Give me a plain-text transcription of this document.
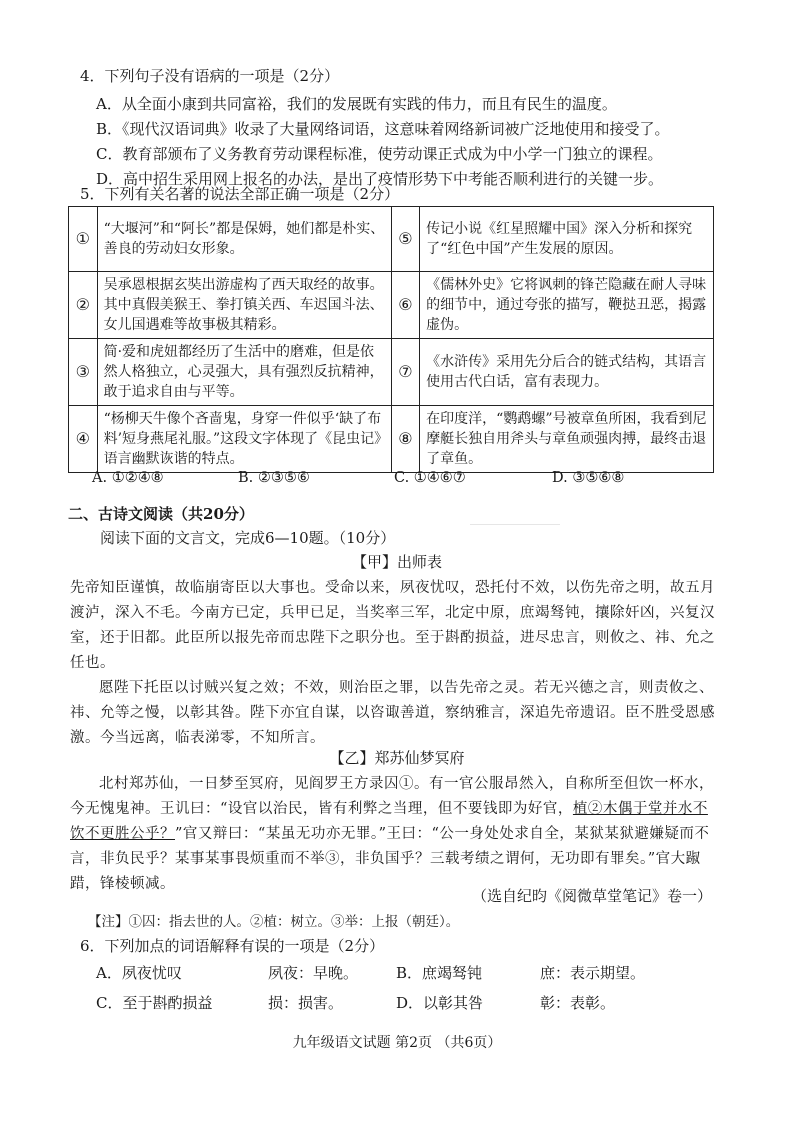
4．下列句子没有语病的一项是（2分）
A．从全面小康到共同富裕，我们的发展既有实践的伟力，而且有民生的温度。
B．《现代汉语词典》收录了大量网络词语，这意味着网络新词被广泛地使用和接受了。
C．教育部颁布了义务教育劳动课程标准，使劳动课正式成为中小学一门独立的课程。
D．高中招生采用网上报名的办法，是出了疫情形势下中考能否顺利进行的关键一步。
5．下列有关名著的说法全部正确一项是（2分）
①	“大堰河”和“阿长”都是保姆，她们都是朴实、善良的劳动妇女形象。	⑤	传记小说《红星照耀中国》深入分析和探究了“红色中国”产生发展的原因。
②	吴承恩根据玄奘出游虚构了西天取经的故事。其中真假美猴王、拳打镇关西、车迟国斗法、女儿国遇难等故事极其精彩。	⑥	《儒林外史》它将讽刺的锋芒隐藏在耐人寻味的细节中，通过夸张的描写，鞭挞丑恶，揭露虚伪。
③	简·爱和虎妞都经历了生活中的磨难，但是依然人格独立，心灵强大，具有强烈反抗精神，敢于追求自由与平等。	⑦	《水浒传》采用先分后合的链式结构，其语言使用古代白话，富有表现力。
④	“杨柳天牛像个吝啬鬼，身穿一件似乎‘缺了布料’短身燕尾礼服。”这段文字体现了《昆虫记》语言幽默诙谐的特点。	⑧	在印度洋，“鹦鹉螺”号被章鱼所困，我看到尼摩艇长独自用斧头与章鱼顽强肉搏，最终击退了章鱼。
A. ①②④⑧	B. ②③⑤⑥	C. ①④⑥⑦	D. ③⑤⑥⑧
二、古诗文阅读（共20分）
阅读下面的文言文，完成6—10题。（10分）
【甲】出师表
先帝知臣谨慎，故临崩寄臣以大事也。受命以来，夙夜忧叹，恐托付不效，以伤先帝之明，故五月渡泸，深入不毛。今南方已定，兵甲已足，当奖率三军，北定中原，庶竭驽钝，攘除奸凶，兴复汉室，还于旧都。此臣所以报先帝而忠陛下之职分也。至于斟酌损益，进尽忠言，则攸之、祎、允之任也。
愿陛下托臣以讨贼兴复之效；不效，则治臣之罪，以告先帝之灵。若无兴德之言，则责攸之、祎、允等之慢，以彰其咎。陛下亦宜自谋，以咨诹善道，察纳雅言，深追先帝遗诏。臣不胜受恩感激。今当远离，临表涕零，不知所言。
【乙】郑苏仙梦冥府
北村郑苏仙，一日梦至冥府，见阎罗王方录囚①。有一官公服昂然入，自称所至但饮一杯水，今无愧鬼神。王讥曰：“设官以治民，皆有利弊之当理，但不要钱即为好官，植②木偶于堂并水不饮不更胜公乎？”官又辩曰：“某虽无功亦无罪。”王曰：“公一身处处求自全，某狱某狱避嫌疑而不言，非负民乎？某事某事畏烦重而不举③，非负国乎？三载考绩之谓何，无功即有罪矣。”官大踧踖，锋棱顿减。
（选自纪昀《阅微草堂笔记》卷一）
【注】①囚：指去世的人。②植：树立。③举：上报（朝廷）。
6．下列加点的词语解释有误的一项是（2分）
A．夙夜忧叹	夙夜：早晚。	B．庶竭驽钝	庶：表示期望。
C．至于斟酌损益	损：损害。	D．以彰其咎	彰：表彰。
九年级语文试题 第2页 （共6页）
